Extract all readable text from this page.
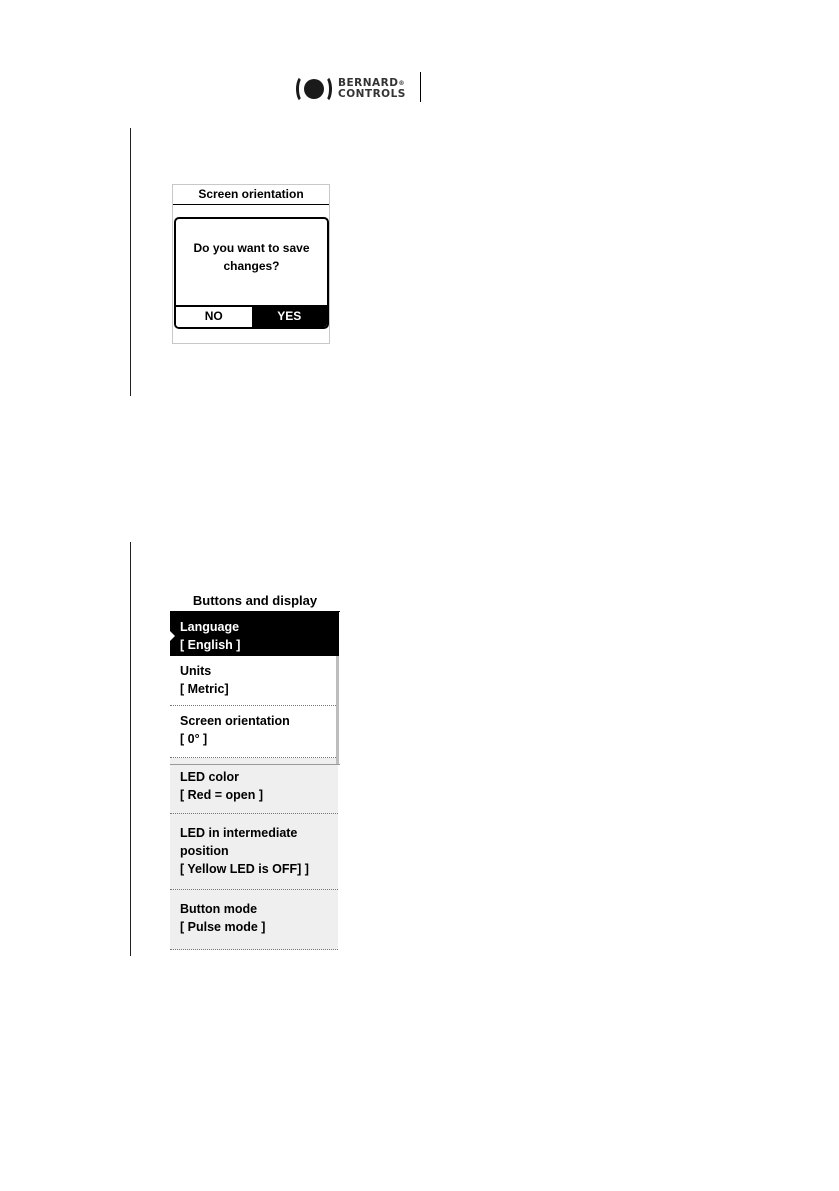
BERNARD®
CONTROLS
Screen orientation
Do you want to save
changes?
NO	YES
Buttons and display
Language
[ English ]
Units
[ Metric]
Screen orientation
[ 0° ]
LED color
[ Red = open ]
LED in intermediate
position
[ Yellow LED is OFF] ]
Button mode
[ Pulse mode ]
